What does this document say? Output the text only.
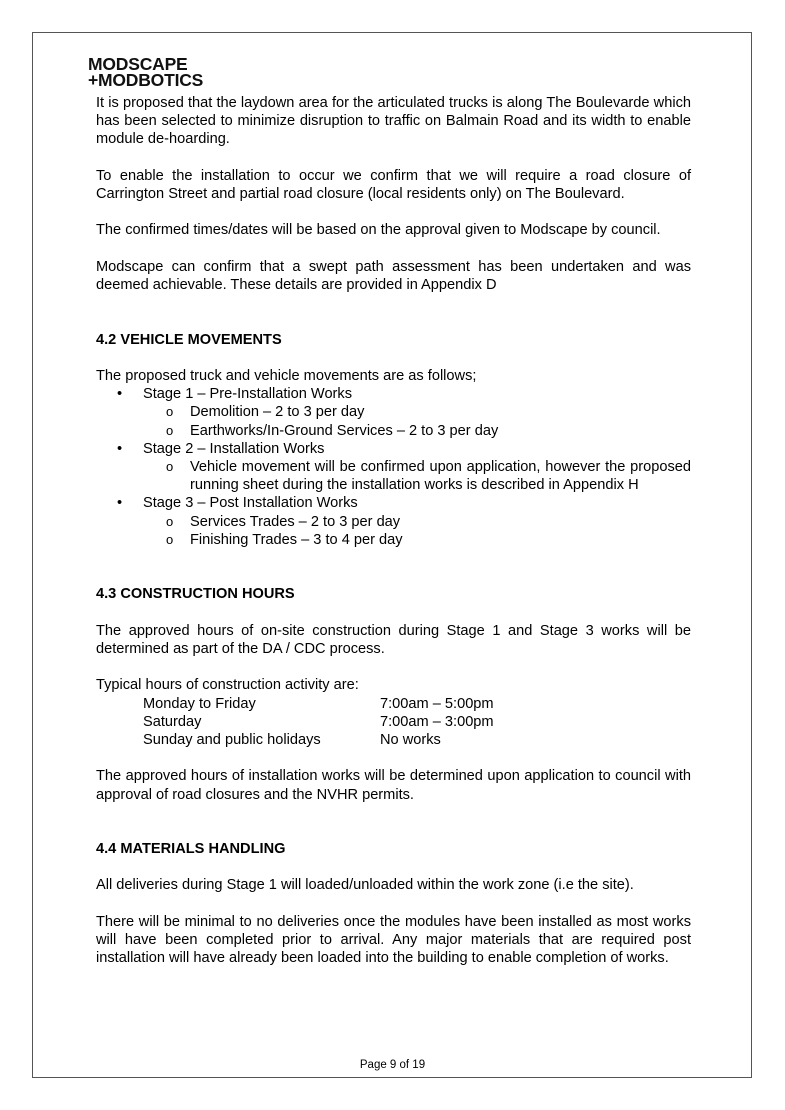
MODSCAPE
+MODBOTICS

It is proposed that the laydown area for the articulated trucks is along The Boulevarde which has been selected to minimize disruption to traffic on Balmain Road and its width to enable module de-hoarding.

To enable the installation to occur we confirm that we will require a road closure of Carrington Street and partial road closure (local residents only) on The Boulevard.

The confirmed times/dates will be based on the approval given to Modscape by council.

Modscape can confirm that a swept path assessment has been undertaken and was deemed achievable. These details are provided in Appendix D

4.2 VEHICLE MOVEMENTS

The proposed truck and vehicle movements are as follows;

• Stage 1 – Pre-Installation Works
o Demolition – 2 to 3 per day
o Earthworks/In-Ground Services – 2 to 3 per day
• Stage 2 – Installation Works
o Vehicle movement will be confirmed upon application, however the proposed running sheet during the installation works is described in Appendix H
• Stage 3 – Post Installation Works
o Services Trades – 2 to 3 per day
o Finishing Trades – 3 to 4 per day

4.3 CONSTRUCTION HOURS

The approved hours of on-site construction during Stage 1 and Stage 3 works will be determined as part of the DA / CDC process.

Typical hours of construction activity are:

Monday to Friday	7:00am – 5:00pm
Saturday	7:00am – 3:00pm
Sunday and public holidays	No works

The approved hours of installation works will be determined upon application to council with approval of road closures and the NVHR permits.

4.4 MATERIALS HANDLING

All deliveries during Stage 1 will loaded/unloaded within the work zone (i.e the site).

There will be minimal to no deliveries once the modules have been installed as most works will have been completed prior to arrival. Any major materials that are required post installation will have already been loaded into the building to enable completion of works.

Page 9 of 19
